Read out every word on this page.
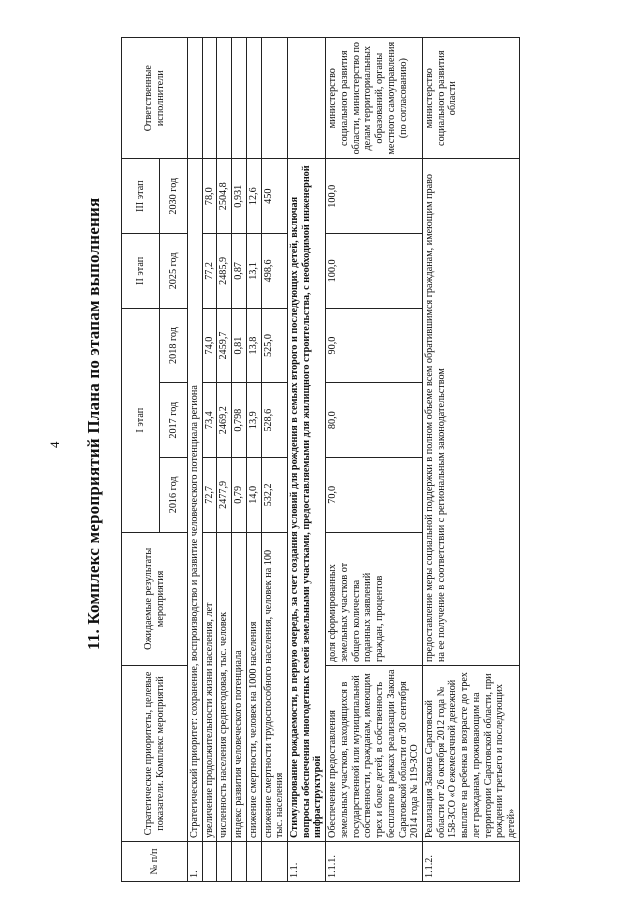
4 11. Комплекс мероприятий Плана по этапам выполнения
№ п/п	Стратегические приоритеты, целевые показатели. Комплекс мероприятий	Ожидаемые результаты мероприятия	I этап			II этап	III этап	Ответственные исполнители
			2016 год	2017 год	2018 год	2025 год	2030 год	
1.	Стратегический приоритет: сохранение, воспроизводство и развитие человеческого потенциала региона							
	увеличение продолжительности жизни населения, лет		72,7	73,4	74,0	77,2	78,0	
	численность населения среднегодовая, тыс. человек		2477,9	2469,2	2459,7	2485,9	2504,8	
	индекс развития человеческого потенциала		0,79	0,798	0,81	0,87	0,931	
	снижение смертности, человек на 1000 населения		14,0	13,9	13,8	13,1	12,6	
	снижение смертности трудоспособного населения, человек на 100 тыс. населения		532,2	528,6	525,0	498,6	450	
1.1.	Стимулирование рождаемости, в первую очередь, за счет создания условий для рождения в семьях второго и последующих детей, включая вопросы обеспечения многодетных семей земельными участками, предоставляемыми для жилищного строительства, с необходимой инженерной инфраструктурой							
1.1.1.	Обеспечение предоставления земельных участков, находящихся в государственной или муниципальной собственности, гражданам, имеющим трех и более детей, в собственность бесплатно в рамках реализации Закона Саратовской области от 30 сентября 2014 года № 119-ЗСО	доля сформированных земельных участков от общего количества поданных заявлений граждан, процентов	70,0	80,0	90,0	100,0	100,0	министерство социального развития области, министерство по делам территориальных образований, органы местного самоуправления (по согласованию)
1.1.2.	Реализация Закона Саратовской области от 26 октября 2012 года № 158-ЗСО «О ежемесячной денежной выплате на ребенка в возрасте до трех лет гражданам, проживающим на территории Саратовской области, при рождении третьего и последующих детей»	предоставление меры социальной поддержки в полном объеме всем обратившимся гражданам, имеющим право на ее получение в соответствии с региональным законодательством						министерство социального развития области
